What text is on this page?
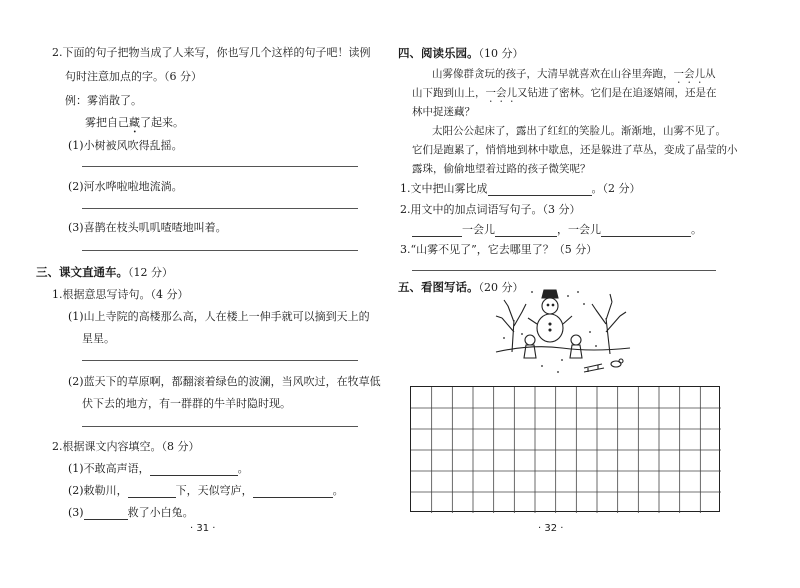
2.下面的句子把物当成了人来写，你也写几个这样的句子吧！读例
句时注意加点的字。（6 分）
例：雾消散了。
雾把自己藏了起来。
(1)小树被风吹得乱摇。
(2)河水哗啦啦地流淌。
(3)喜鹊在枝头叽叽喳喳地叫着。
三、课文直通车。（12 分）
1.根据意思写诗句。（4 分）
(1)山上寺院的高楼那么高，人在楼上一伸手就可以摘到天上的
星星。
(2)蓝天下的草原啊，都翻滚着绿色的波澜，当风吹过，在牧草低
伏下去的地方，有一群群的牛羊时隐时现。
2.根据课文内容填空。（8 分）
(1)不敢高声语，	。
(2)敕勒川，	下，天似穹庐，	。
(3)	救了小白兔。
· 31 ·
四、阅读乐园。（10 分）
山雾像群贪玩的孩子，大清早就喜欢在山谷里奔跑，一会儿从
山下跑到山上，一会儿又钻进了密林。它们是在追逐嬉闹，还是在
林中捉迷藏？
太阳公公起床了，露出了红红的笑脸儿。渐渐地，山雾不见了。
它们是跑累了，悄悄地到林中歇息，还是躲进了草丛，变成了晶莹的小
露珠，偷偷地望着过路的孩子微笑呢？
1.文中把山雾比成	。（2 分）
2.用文中的加点词语写句子。（3 分）
一会儿	，一会儿	。
3.“山雾不见了”，它去哪里了？（5 分）
五、看图写话。（20 分）
· 32 ·
